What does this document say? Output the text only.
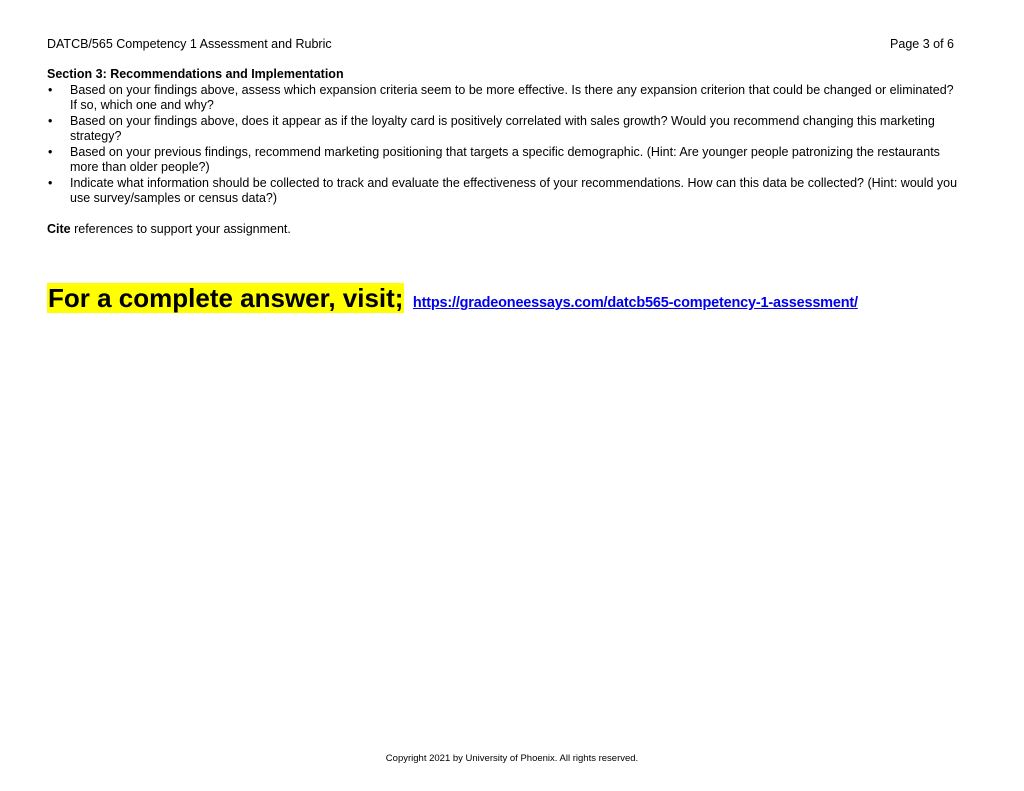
DATCB/565 Competency 1 Assessment and Rubric	Page 3 of 6

Section 3: Recommendations and Implementation

• Based on your findings above, assess which expansion criteria seem to be more effective. Is there any expansion criterion that could be changed or eliminated? If so, which one and why?
• Based on your findings above, does it appear as if the loyalty card is positively correlated with sales growth? Would you recommend changing this marketing strategy?
• Based on your previous findings, recommend marketing positioning that targets a specific demographic. (Hint: Are younger people patronizing the restaurants more than older people?)
• Indicate what information should be collected to track and evaluate the effectiveness of your recommendations. How can this data be collected? (Hint: would you use survey/samples or census data?)

Cite references to support your assignment.

For a complete answer, visit; https://gradeoneessays.com/datcb565-competency-1-assessment/
Copyright 2021 by University of Phoenix. All rights reserved.
